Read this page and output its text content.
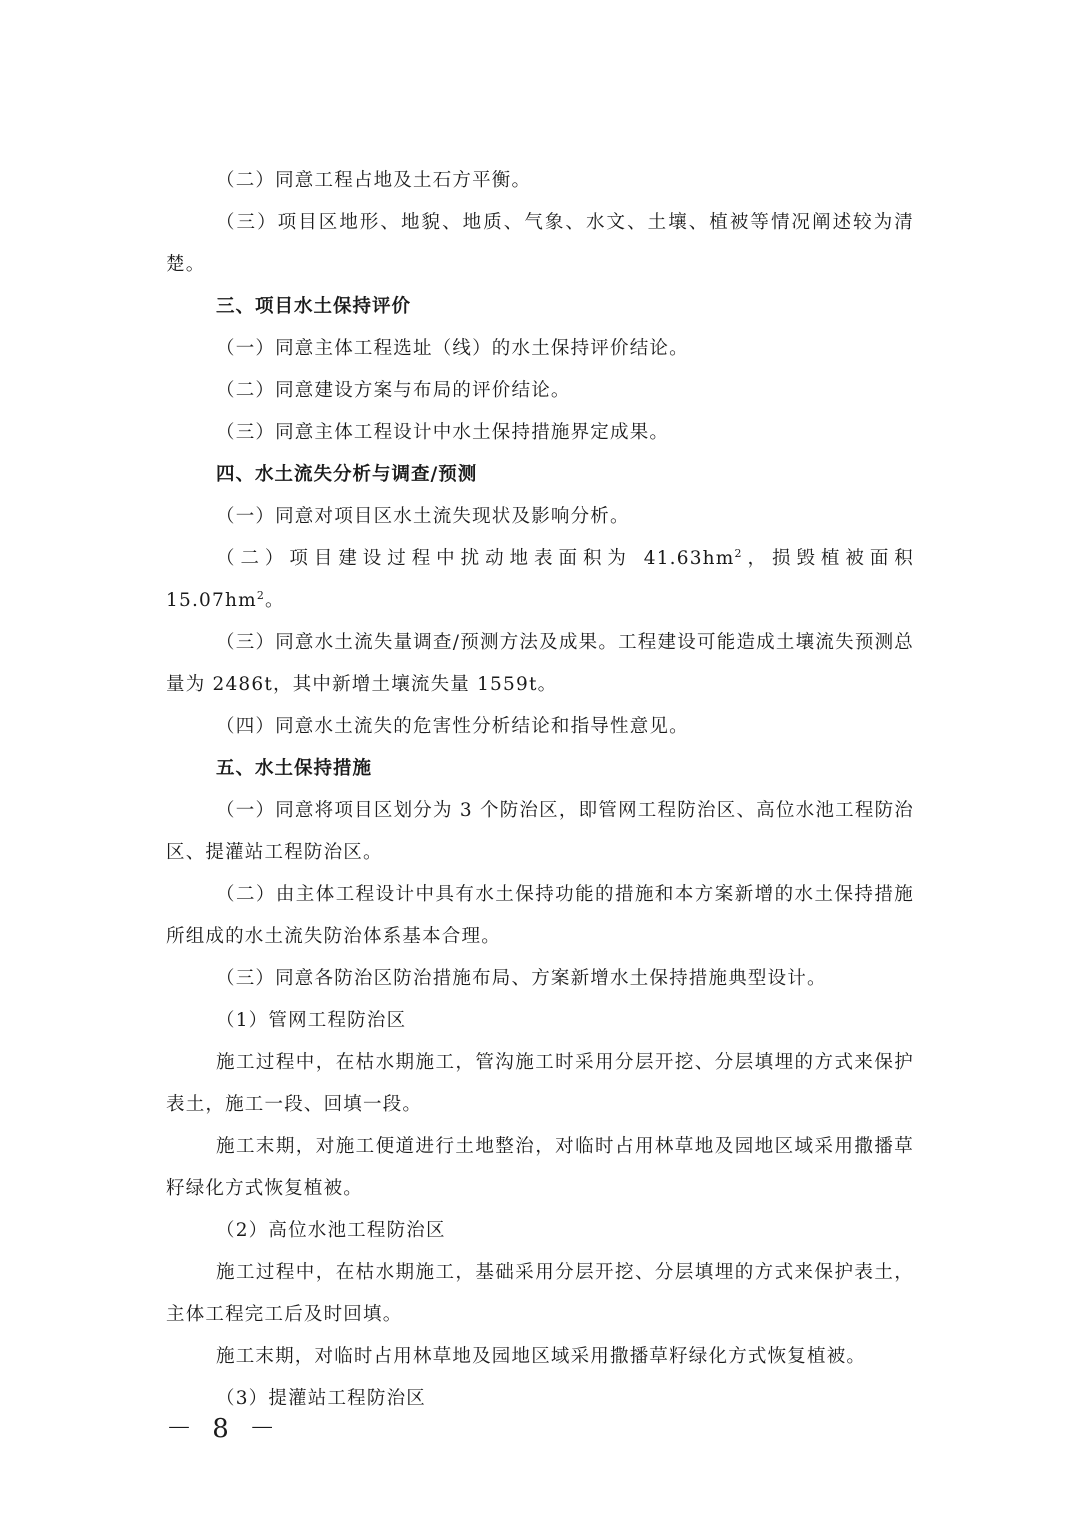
（二）同意工程占地及土石方平衡。

（三）项目区地形、地貌、地质、气象、水文、土壤、植被等情况阐述较为清楚。

三、项目水土保持评价

（一）同意主体工程选址（线）的水土保持评价结论。

（二）同意建设方案与布局的评价结论。

（三）同意主体工程设计中水土保持措施界定成果。

四、水土流失分析与调查/预测

（一）同意对项目区水土流失现状及影响分析。

（二）项目建设过程中扰动地表面积为 $41.63hm^2$，损毁植被面积 $15.07hm^2$。

（三）同意水土流失量调查/预测方法及成果。工程建设可能造成土壤流失预测总量为 2486t，其中新增土壤流失量 1559t。

（四）同意水土流失的危害性分析结论和指导性意见。

五、水土保持措施

（一）同意将项目区划分为 3 个防治区，即管网工程防治区、高位水池工程防治区、提灌站工程防治区。

（二）由主体工程设计中具有水土保持功能的措施和本方案新增的水土保持措施所组成的水土流失防治体系基本合理。

（三）同意各防治区防治措施布局、方案新增水土保持措施典型设计。

（1）管网工程防治区

施工过程中，在枯水期施工，管沟施工时采用分层开挖、分层填埋的方式来保护表土，施工一段、回填一段。

施工末期，对施工便道进行土地整治，对临时占用林草地及园地区域采用撒播草籽绿化方式恢复植被。

（2）高位水池工程防治区

施工过程中，在枯水期施工，基础采用分层开挖、分层填埋的方式来保护表土，主体工程完工后及时回填。

施工末期，对临时占用林草地及园地区域采用撒播草籽绿化方式恢复植被。

（3）提灌站工程防治区

－ 8 －
